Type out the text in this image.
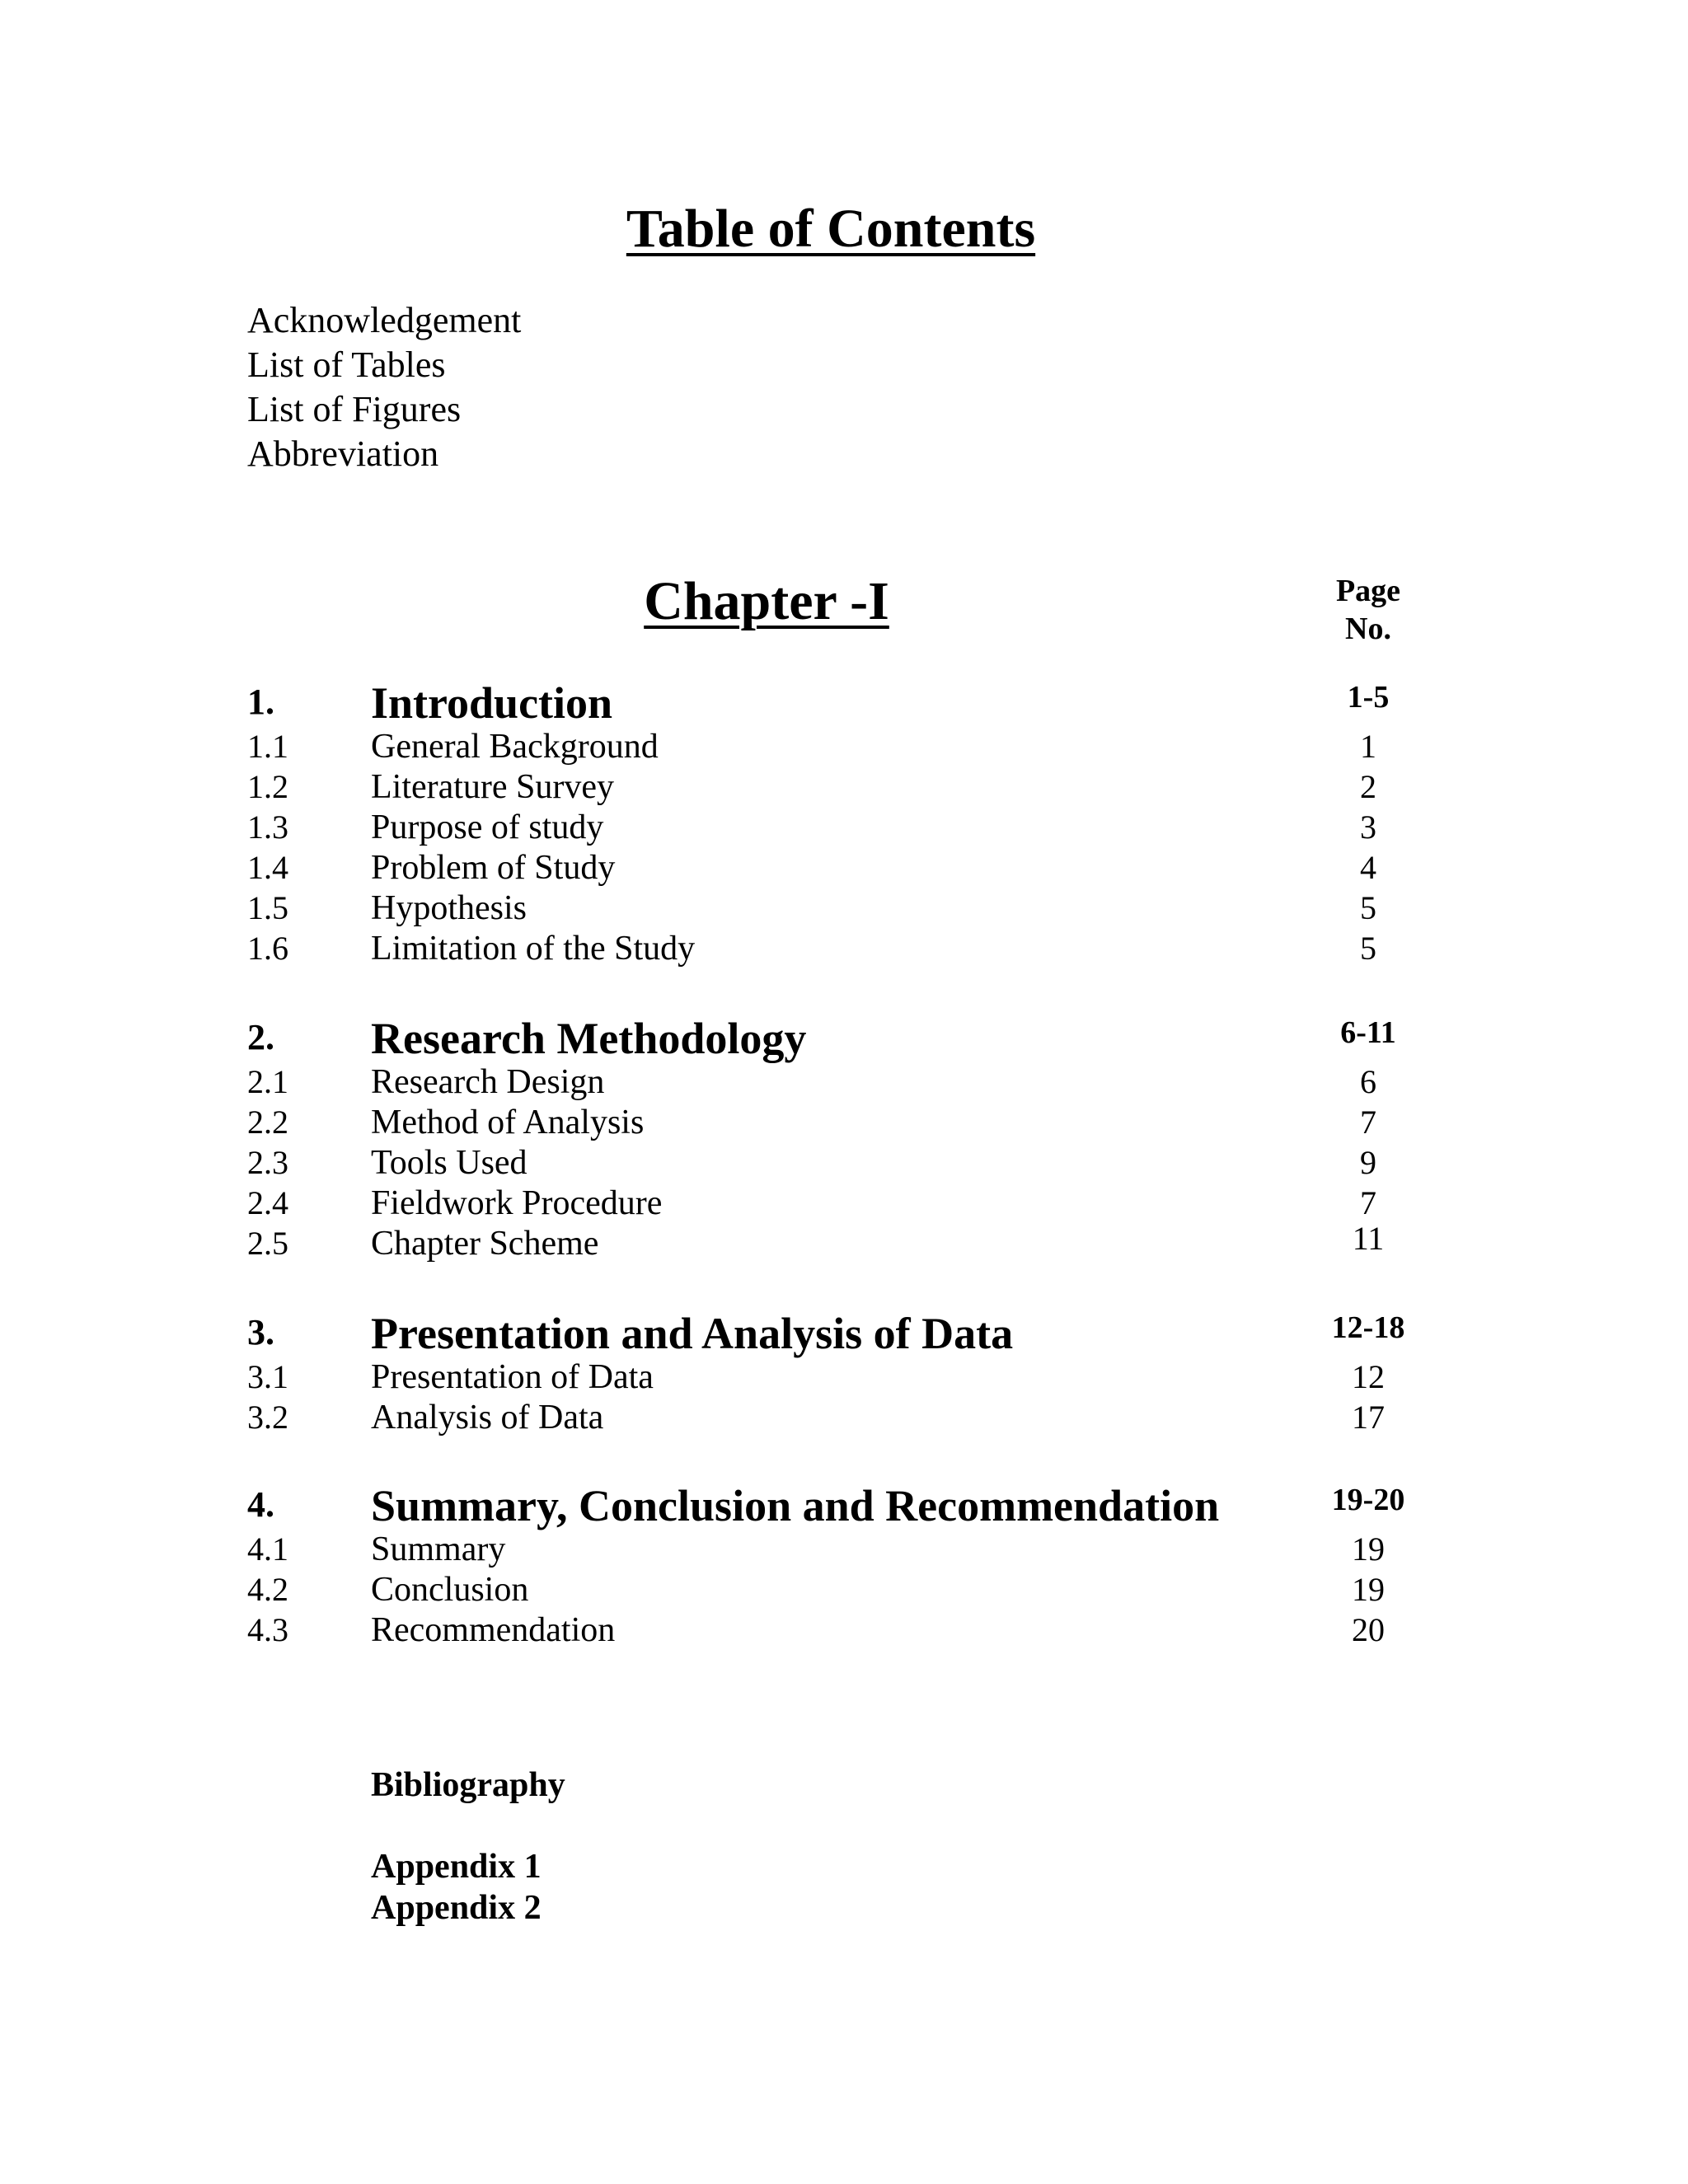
Table of Contents
Acknowledgement
List of Tables
List of Figures
Abbreviation
Chapter -I	Page
No.
1.	Introduction	1-5
1.1	General Background	1
1.2	Literature Survey	2
1.3	Purpose of study	3
1.4	Problem of Study	4
1.5	Hypothesis	5
1.6	Limitation of the Study	5
2.	Research Methodology	6-11
2.1	Research Design	6
2.2	Method of Analysis	7
2.3	Tools Used	9
2.4	Fieldwork Procedure	7
2.5	Chapter Scheme	11
3.	Presentation and Analysis of Data	12-18
3.1	Presentation of Data	12
3.2	Analysis of Data	17
4.	Summary, Conclusion and Recommendation	19-20
4.1	Summary	19
4.2	Conclusion	19
4.3	Recommendation	20
Bibliography
Appendix 1
Appendix 2
